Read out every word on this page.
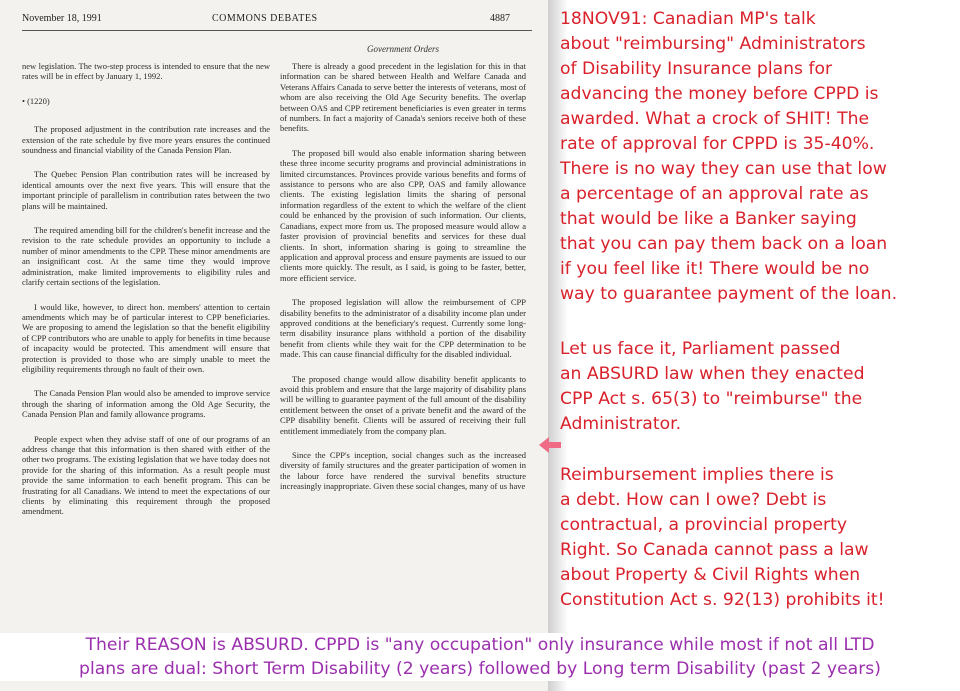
November 18, 1991	COMMONS DEBATES	4887
Government Orders

new legislation. The two-step process is intended to ensure that the new rates will be in effect by January 1, 1992.

• (1220)

The proposed adjustment in the contribution rate increases and the extension of the rate schedule by five more years ensures the continued soundness and financial viability of the Canada Pension Plan.

The Quebec Pension Plan contribution rates will be increased by identical amounts over the next five years. This will ensure that the important principle of parallelism in contribution rates between the two plans will be maintained.

The required amending bill for the children's benefit increase and the revision to the rate schedule provides an opportunity to include a number of minor amendments to the CPP. These minor amendments are an insignificant cost. At the same time they would improve administration, make limited improvements to eligibility rules and clarify certain sections of the legislation.

I would like, however, to direct hon. members' attention to certain amendments which may be of particular interest to CPP beneficiaries. We are proposing to amend the legislation so that the benefit eligibility of CPP contributors who are unable to apply for benefits in time because of incapacity would be protected. This amendment will ensure that protection is provided to those who are simply unable to meet the eligibility requirements through no fault of their own.

The Canada Pension Plan would also be amended to improve service through the sharing of information among the Old Age Security, the Canada Pension Plan and family allowance programs.

People expect when they advise staff of one of our programs of an address change that this information is then shared with either of the other two programs. The existing legislation that we have today does not provide for the sharing of this information. As a result people must provide the same information to each benefit program. This can be frustrating for all Canadians. We intend to meet the expectations of our clients by eliminating this requirement through the proposed amendment.

There is already a good precedent in the legislation for this in that information can be shared between Health and Welfare Canada and Veterans Affairs Canada to serve better the interests of veterans, most of whom are also receiving the Old Age Security benefits. The overlap between OAS and CPP retirement beneficiaries is even greater in terms of numbers. In fact a majority of Canada's seniors receive both of these benefits.

The proposed bill would also enable information sharing between these three income security programs and provincial administrations in limited circumstances. Provinces provide various benefits and forms of assistance to persons who are also CPP, OAS and family allowance clients. The existing legislation limits the sharing of personal information regardless of the extent to which the welfare of the client could be enhanced by the provision of such information. Our clients, Canadians, expect more from us. The proposed measure would allow a faster provision of provincial benefits and services for these dual clients. In short, information sharing is going to streamline the application and approval process and ensure payments are issued to our clients more quickly. The result, as I said, is going to be faster, better, more efficient service.

The proposed legislation will allow the reimbursement of CPP disability benefits to the administrator of a disability income plan under approved conditions at the beneficiary's request. Currently some long-term disability insurance plans withhold a portion of the disability benefit from clients while they wait for the CPP determination to be made. This can cause financial difficulty for the disabled individual.

The proposed change would allow disability benefit applicants to avoid this problem and ensure that the large majority of disability plans will be willing to guarantee payment of the full amount of the disability entitlement between the onset of a private benefit and the award of the CPP disability benefit. Clients will be assured of receiving their full entitlement immediately from the company plan.

Since the CPP's inception, social changes such as the increased diversity of family structures and the greater participation of women in the labour force have rendered the survival benefits structure increasingly inappropriate. Given these social changes, many of us have

18NOV91: Canadian MP's talk
about "reimbursing" Administrators
of Disability Insurance plans for
advancing the money before CPPD is
awarded. What a crock of SHIT! The
rate of approval for CPPD is 35-40%.
There is no way they can use that low
a percentage of an approval rate as
that would be like a Banker saying
that you can pay them back on a loan
if you feel like it! There would be no
way to guarantee payment of the loan.
Let us face it, Parliament passed
an ABSURD law when they enacted
CPP Act s. 65(3) to "reimburse" the
Administrator.
Reimbursement implies there is
a debt. How can I owe? Debt is
contractual, a provincial property
Right. So Canada cannot pass a law
about Property & Civil Rights when
Constitution Act s. 92(13) prohibits it!
Their REASON is ABSURD. CPPD is "any occupation" only insurance while most if not all LTD
plans are dual: Short Term Disability (2 years) followed by Long term Disability (past 2 years)
